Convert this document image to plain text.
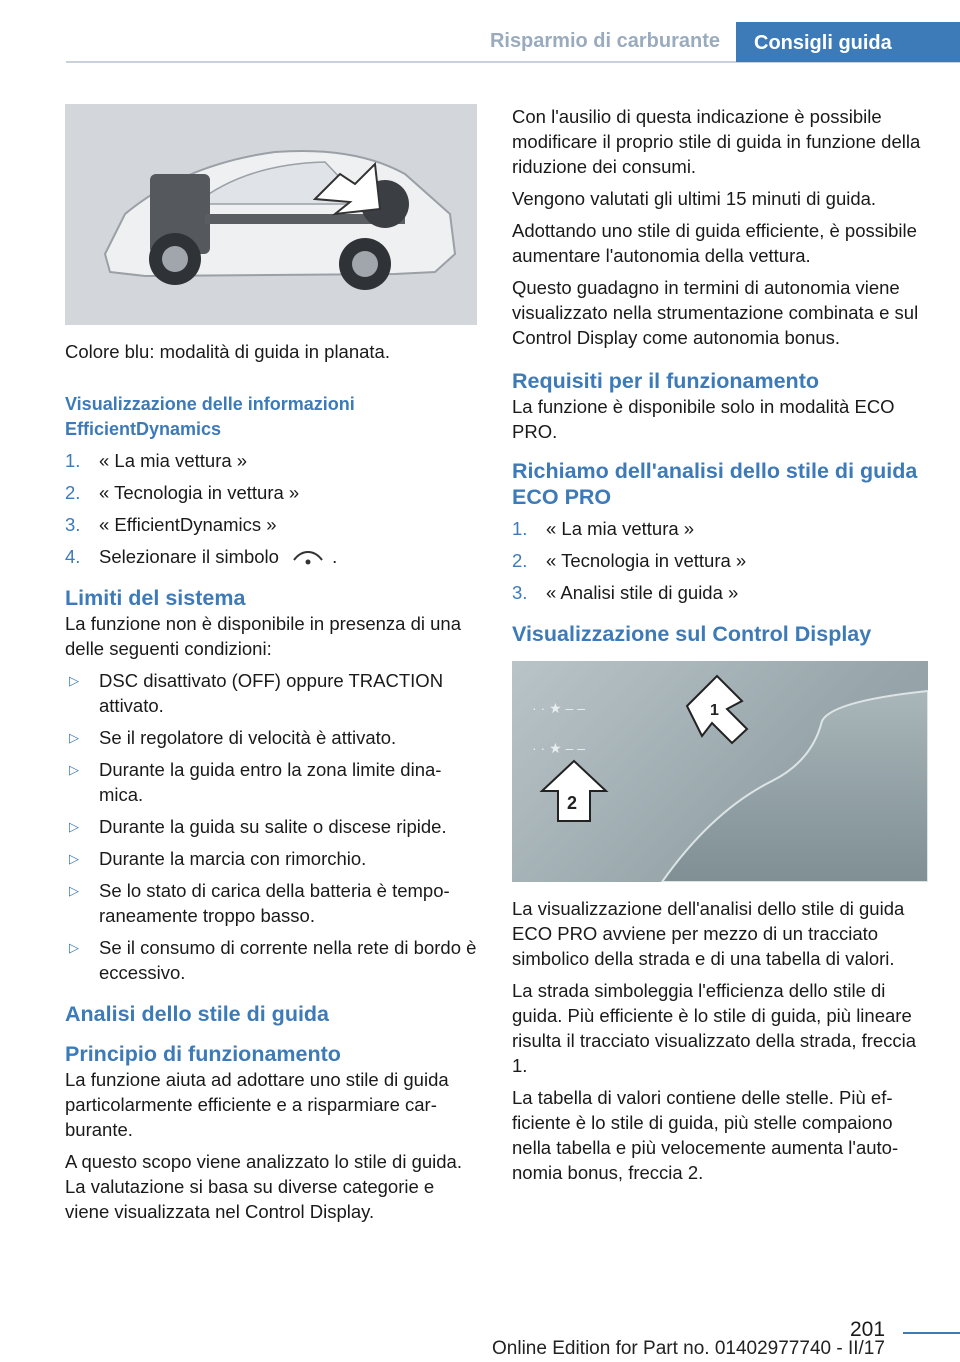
Risparmio di carburante	Consigli guida

Colore blu: modalità di guida in planata.

Visualizzazione delle informazioni EfficientDynamics
1. « La mia vettura »
2. « Tecnologia in vettura »
3. « EfficientDynamics »
4. Selezionare il simbolo	.
Limiti del sistema

La funzione non è disponibile in presenza di una delle seguenti condizioni:

▷ DSC disattivato (OFF) oppure TRACTION attivato.
▷ Se il regolatore di velocità è attivato.
▷ Durante la guida entro la zona limite dinamica.
▷ Durante la guida su salite o discese ripide.
▷ Durante la marcia con rimorchio.
▷ Se lo stato di carica della batteria è temporaneamente troppo basso.
▷ Se il consumo di corrente nella rete di bordo è eccessivo.
Analisi dello stile di guida
Principio di funzionamento

La funzione aiuta ad adottare uno stile di guida particolarmente efficiente e a risparmiare carburante.

A questo scopo viene analizzato lo stile di guida. La valutazione si basa su diverse categorie e viene visualizzata nel Control Display.

Con l'ausilio di questa indicazione è possibile modificare il proprio stile di guida in funzione della riduzione dei consumi.

Vengono valutati gli ultimi 15 minuti di guida.

Adottando uno stile di guida efficiente, è possibile aumentare l'autonomia della vettura.

Questo guadagno in termini di autonomia viene visualizzato nella strumentazione combinata e sul Control Display come autonomia bonus.

Requisiti per il funzionamento

La funzione è disponibile solo in modalità ECO PRO.

Richiamo dell'analisi dello stile di guida ECO PRO
1. « La mia vettura »
2. « Tecnologia in vettura »
3. « Analisi stile di guida »
Visualizzazione sul Control Display
· · ★ – –
· · ★ – –
1
2

La visualizzazione dell'analisi dello stile di guida ECO PRO avviene per mezzo di un tracciato simbolico della strada e di una tabella di valori.

La strada simboleggia l'efficienza dello stile di guida. Più efficiente è lo stile di guida, più lineare risulta il tracciato visualizzato della strada, freccia 1.

La tabella di valori contiene delle stelle. Più efficiente è lo stile di guida, più stelle compaiono nella tabella e più velocemente aumenta l'autonomia bonus, freccia 2.

201
Online Edition for Part no. 01402977740 - II/17
